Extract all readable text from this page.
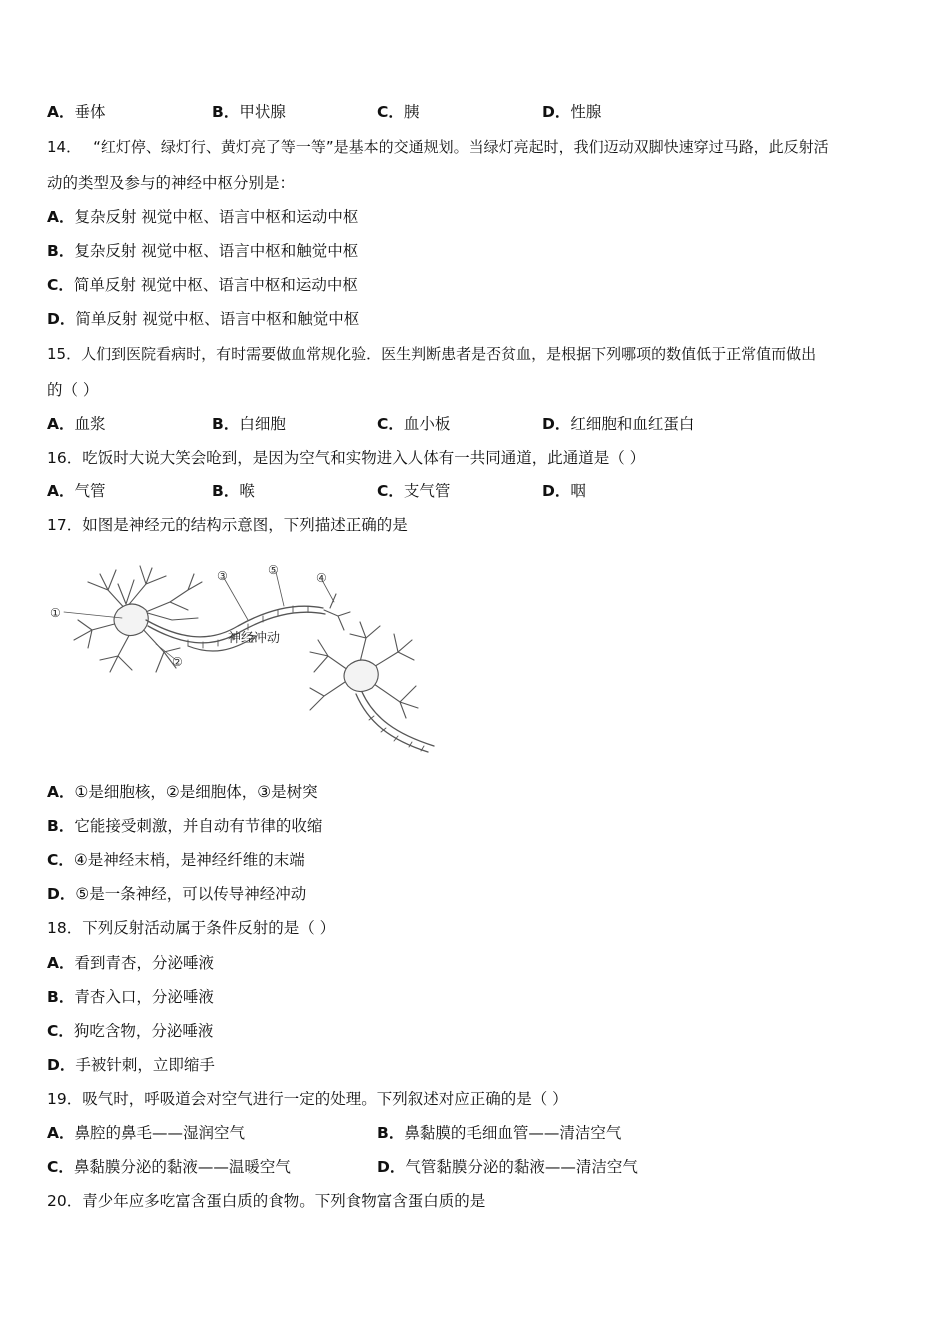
A．垂体	B．甲状腺	C．胰	D．性腺
14． “红灯停、绿灯行、黄灯亮了等一等”是基本的交通规划。当绿灯亮起时，我们迈动双脚快速穿过马路，此反射活
动的类型及参与的神经中枢分别是：
A．复杂反射 视觉中枢、语言中枢和运动中枢
B．复杂反射 视觉中枢、语言中枢和触觉中枢
C．简单反射 视觉中枢、语言中枢和运动中枢
D．简单反射 视觉中枢、语言中枢和触觉中枢
15．人们到医院看病时，有时需要做血常规化验．医生判断患者是否贫血，是根据下列哪项的数值低于正常值而做出
的（ ）
A．血浆	B．白细胞	C．血小板	D．红细胞和血红蛋白
16．吃饭时大说大笑会呛到，是因为空气和实物进入人体有一共同通道，此通道是（ ）
A．气管	B．喉	C．支气管	D．咽
17．如图是神经元的结构示意图，下列描述正确的是
①
②
③	④
⑤
神经冲动
A．①是细胞核，②是细胞体，③是树突
B．它能接受刺激，并自动有节律的收缩
C．④是神经末梢，是神经纤维的末端
D．⑤是一条神经，可以传导神经冲动
18．下列反射活动属于条件反射的是（ ）
A．看到青杏，分泌唾液
B．青杏入口，分泌唾液
C．狗吃含物，分泌唾液
D．手被针刺，立即缩手
19．吸气时，呼吸道会对空气进行一定的处理。下列叙述对应正确的是（ ）
A．鼻腔的鼻毛——湿润空气	B．鼻黏膜的毛细血管——清洁空气
C．鼻黏膜分泌的黏液——温暖空气	D．气管黏膜分泌的黏液——清洁空气
20．青少年应多吃富含蛋白质的食物。下列食物富含蛋白质的是
